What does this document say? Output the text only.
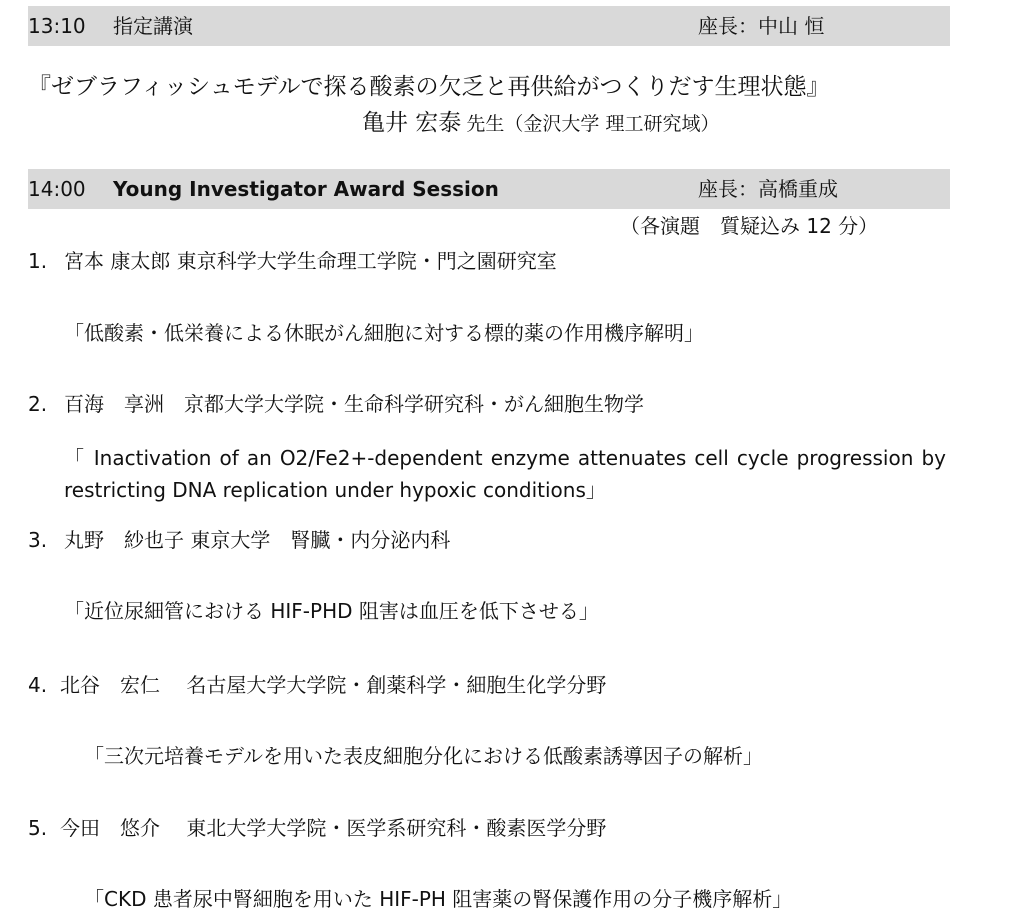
13:10 指定講演	座長：中山 恒
『ゼブラフィッシュモデルで探る酸素の欠乏と再供給がつくりだす生理状態』
亀井 宏泰 先生（金沢大学 理工研究域）
14:00 Young Investigator Award Session	座長：高橋重成
（各演題　質疑込み 12 分）
1. 宮本 康太郎 東京科学大学生命理工学院・門之園研究室
「低酸素・低栄養による休眠がん細胞に対する標的薬の作用機序解明」
2. 百海　享洲　京都大学大学院・生命科学研究科・がん細胞生物学
「 Inactivation of an O2/Fe2+-dependent enzyme attenuates cell cycle progression by restricting DNA replication under hypoxic conditions」
3. 丸野　紗也子 東京大学　腎臓・内分泌内科
「近位尿細管における HIF-PHD 阻害は血圧を低下させる」
4. 北谷　宏仁　 名古屋大学大学院・創薬科学・細胞生化学分野
「三次元培養モデルを用いた表皮細胞分化における低酸素誘導因子の解析」
5. 今田　悠介　 東北大学大学院・医学系研究科・酸素医学分野
「CKD 患者尿中腎細胞を用いた HIF-PH 阻害薬の腎保護作用の分子機序解析」
